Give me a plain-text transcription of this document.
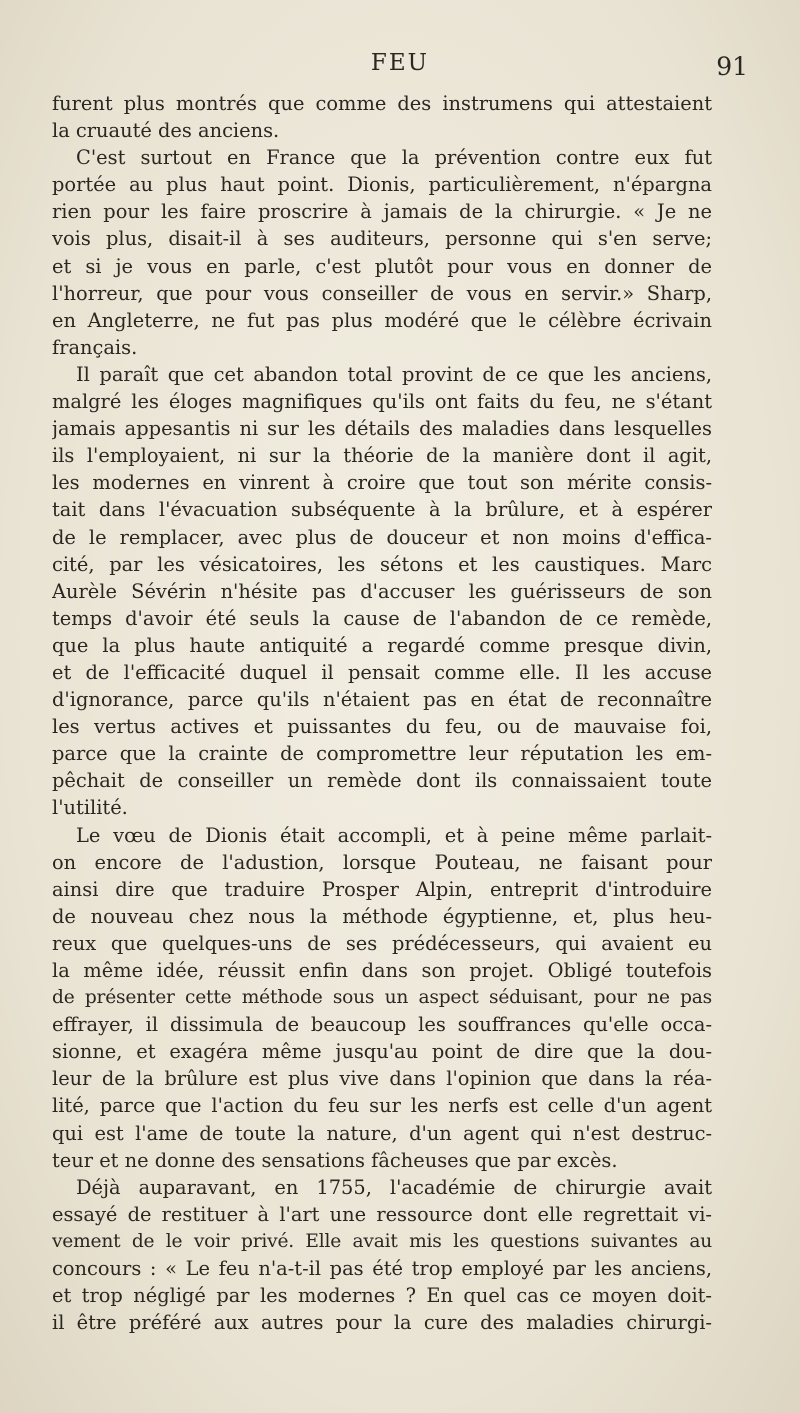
FEU	91
furent plus montrés que comme des instrumens qui attestaient
la cruauté des anciens.
C'est surtout en France que la prévention contre eux fut
portée au plus haut point. Dionis, particulièrement, n'épargna
rien pour les faire proscrire à jamais de la chirurgie. « Je ne
vois plus, disait-il à ses auditeurs, personne qui s'en serve;
et si je vous en parle, c'est plutôt pour vous en donner de
l'horreur, que pour vous conseiller de vous en servir.» Sharp,
en Angleterre, ne fut pas plus modéré que le célèbre écrivain
français.
Il paraît que cet abandon total provint de ce que les anciens,
malgré les éloges magnifiques qu'ils ont faits du feu, ne s'étant
jamais appesantis ni sur les détails des maladies dans lesquelles
ils l'employaient, ni sur la théorie de la manière dont il agit,
les modernes en vinrent à croire que tout son mérite consis-
tait dans l'évacuation subséquente à la brûlure, et à espérer
de le remplacer, avec plus de douceur et non moins d'effica-
cité, par les vésicatoires, les sétons et les caustiques. Marc
Aurèle Sévérin n'hésite pas d'accuser les guérisseurs de son
temps d'avoir été seuls la cause de l'abandon de ce remède,
que la plus haute antiquité a regardé comme presque divin,
et de l'efficacité duquel il pensait comme elle. Il les accuse
d'ignorance, parce qu'ils n'étaient pas en état de reconnaître
les vertus actives et puissantes du feu, ou de mauvaise foi,
parce que la crainte de compromettre leur réputation les em-
pêchait de conseiller un remède dont ils connaissaient toute
l'utilité.
Le vœu de Dionis était accompli, et à peine même parlait-
on encore de l'adustion, lorsque Pouteau, ne faisant pour
ainsi dire que traduire Prosper Alpin, entreprit d'introduire
de nouveau chez nous la méthode égyptienne, et, plus heu-
reux que quelques-uns de ses prédécesseurs, qui avaient eu
la même idée, réussit enfin dans son projet. Obligé toutefois
de présenter cette méthode sous un aspect séduisant, pour ne pas
effrayer, il dissimula de beaucoup les souffrances qu'elle occa-
sionne, et exagéra même jusqu'au point de dire que la dou-
leur de la brûlure est plus vive dans l'opinion que dans la réa-
lité, parce que l'action du feu sur les nerfs est celle d'un agent
qui est l'ame de toute la nature, d'un agent qui n'est destruc-
teur et ne donne des sensations fâcheuses que par excès.
Déjà auparavant, en 1755, l'académie de chirurgie avait
essayé de restituer à l'art une ressource dont elle regrettait vi-
vement de le voir privé. Elle avait mis les questions suivantes au
concours : « Le feu n'a-t-il pas été trop employé par les anciens,
et trop négligé par les modernes ? En quel cas ce moyen doit-
il être préféré aux autres pour la cure des maladies chirurgi-
